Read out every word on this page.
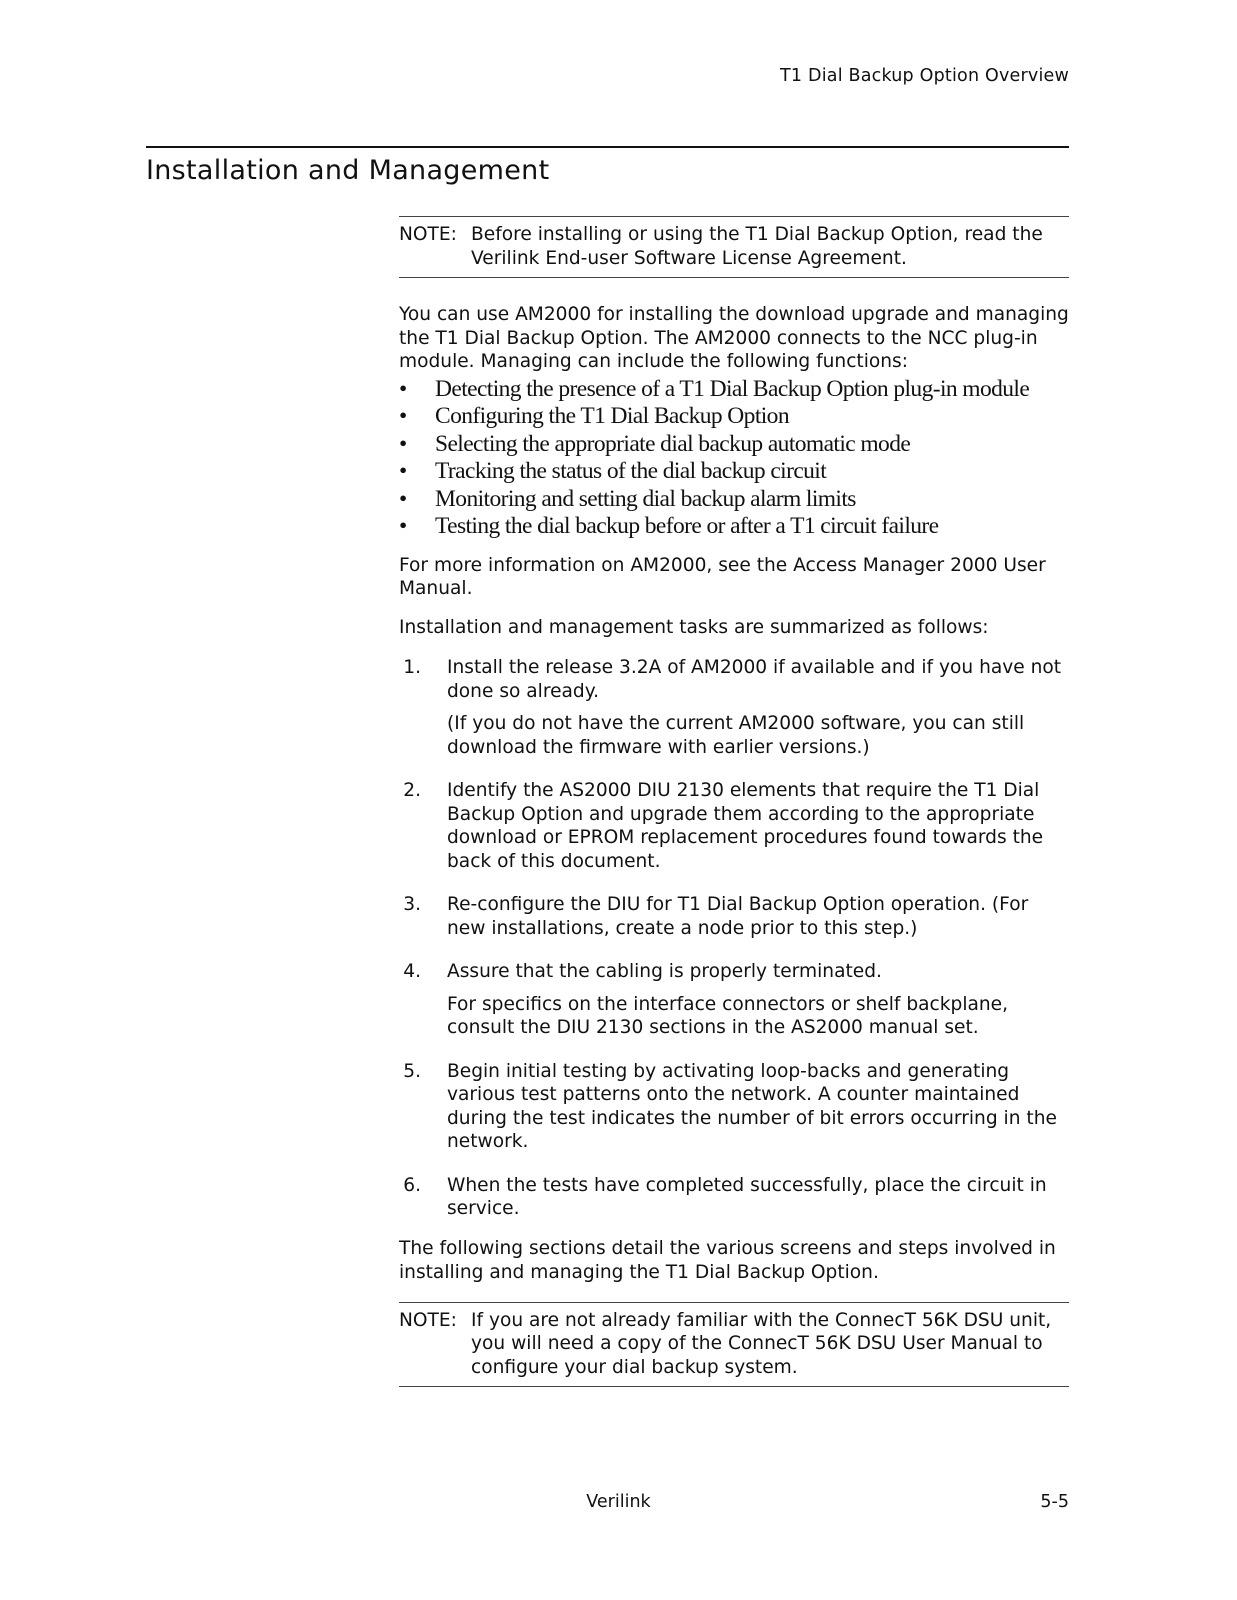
T1 Dial Backup Option Overview
Installation and Management
NOTE: Before installing or using the T1 Dial Backup Option, read the Verilink End-user Software License Agreement.

You can use AM2000 for installing the download upgrade and managing the T1 Dial Backup Option. The AM2000 connects to the NCC plug-in module. Managing can include the following functions:

•	Detecting the presence of a T1 Dial Backup Option plug-in module
•	Configuring the T1 Dial Backup Option
•	Selecting the appropriate dial backup automatic mode
•	Tracking the status of the dial backup circuit
•	Monitoring and setting dial backup alarm limits
•	Testing the dial backup before or after a T1 circuit failure

For more information on AM2000, see the Access Manager 2000 User Manual.

Installation and management tasks are summarized as follows:

1.	Install the release 3.2A of AM2000 if available and if you have not done so already.

(If you do not have the current AM2000 software, you can still download the firmware with earlier versions.)

2.	Identify the AS2000 DIU 2130 elements that require the T1 Dial Backup Option and upgrade them according to the appropriate download or EPROM replacement procedures found towards the back of this document.

3.	Re-configure the DIU for T1 Dial Backup Option operation. (For new installations, create a node prior to this step.)

4.	Assure that the cabling is properly terminated.

For specifics on the interface connectors or shelf backplane, consult the DIU 2130 sections in the AS2000 manual set.

5.	Begin initial testing by activating loop-backs and generating various test patterns onto the network. A counter maintained during the test indicates the number of bit errors occurring in the network.

6.	When the tests have completed successfully, place the circuit in service.

The following sections detail the various screens and steps involved in installing and managing the T1 Dial Backup Option.

NOTE: If you are not already familiar with the ConnecT 56K DSU unit, you will need a copy of the ConnecT 56K DSU User Manual to configure your dial backup system.
Verilink	5-5
